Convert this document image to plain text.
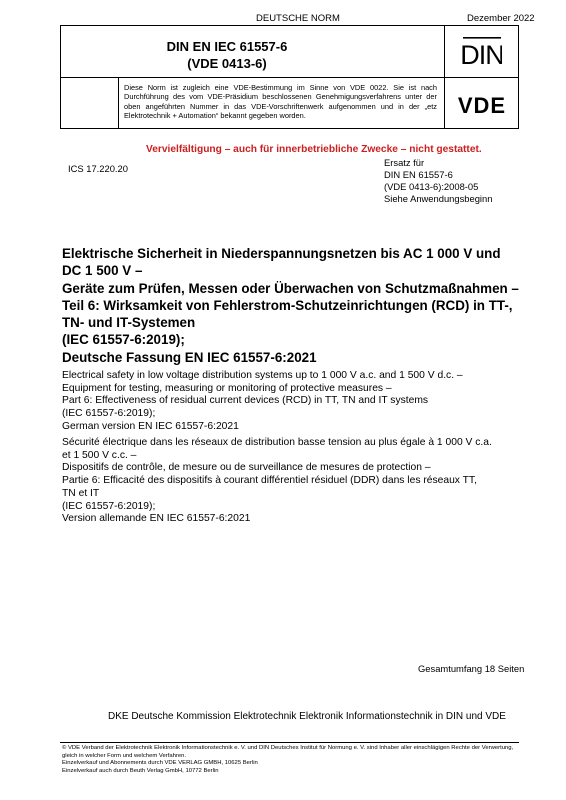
DEUTSCHE NORM	Dezember 2022
DIN EN IEC 61557-6
(VDE 0413-6)	DIN
Diese Norm ist zugleich eine VDE-Bestimmung im Sinne von VDE 0022. Sie ist nach Durchführung des vom VDE-Präsidium beschlossenen Genehmigungsverfahrens unter der oben angeführten Nummer in das VDE-Vorschriftenwerk aufgenommen und in der „etz Elektrotechnik + Automation“ bekannt gegeben worden.	VDE
Vervielfältigung – auch für innerbetriebliche Zwecke – nicht gestattet.
ICS 17.220.20
Ersatz für
DIN EN 61557-6
(VDE 0413-6):2008-05
Siehe Anwendungsbeginn
Elektrische Sicherheit in Niederspannungsnetzen bis AC 1 000 V und
DC 1 500 V –
Geräte zum Prüfen, Messen oder Überwachen von Schutzmaßnahmen –
Teil 6: Wirksamkeit von Fehlerstrom-Schutzeinrichtungen (RCD) in TT-,
TN- und IT-Systemen
(IEC 61557-6:2019);
Deutsche Fassung EN IEC 61557-6:2021
Electrical safety in low voltage distribution systems up to 1 000 V a.c. and 1 500 V d.c. –
Equipment for testing, measuring or monitoring of protective measures –
Part 6: Effectiveness of residual current devices (RCD) in TT, TN and IT systems
(IEC 61557-6:2019);
German version EN IEC 61557-6:2021
Sécurité électrique dans les réseaux de distribution basse tension au plus égale à 1 000 V c.a.
et 1 500 V c.c. –
Dispositifs de contrôle, de mesure ou de surveillance de mesures de protection –
Partie 6: Efficacité des dispositifs à courant différentiel résiduel (DDR) dans les réseaux TT,
TN et IT
(IEC 61557-6:2019);
Version allemande EN IEC 61557-6:2021
Gesamtumfang 18 Seiten
DKE Deutsche Kommission Elektrotechnik Elektronik Informationstechnik in DIN und VDE
© VDE Verband der Elektrotechnik Elektronik Informationstechnik e. V. und DIN Deutsches Institut für Normung e. V. sind Inhaber aller einschlägigen Rechte der Verwertung,
gleich in welcher Form und welchem Verfahren.
Einzelverkauf und Abonnements durch VDE VERLAG GMBH, 10625 Berlin
Einzelverkauf auch durch Beuth Verlag GmbH, 10772 Berlin
